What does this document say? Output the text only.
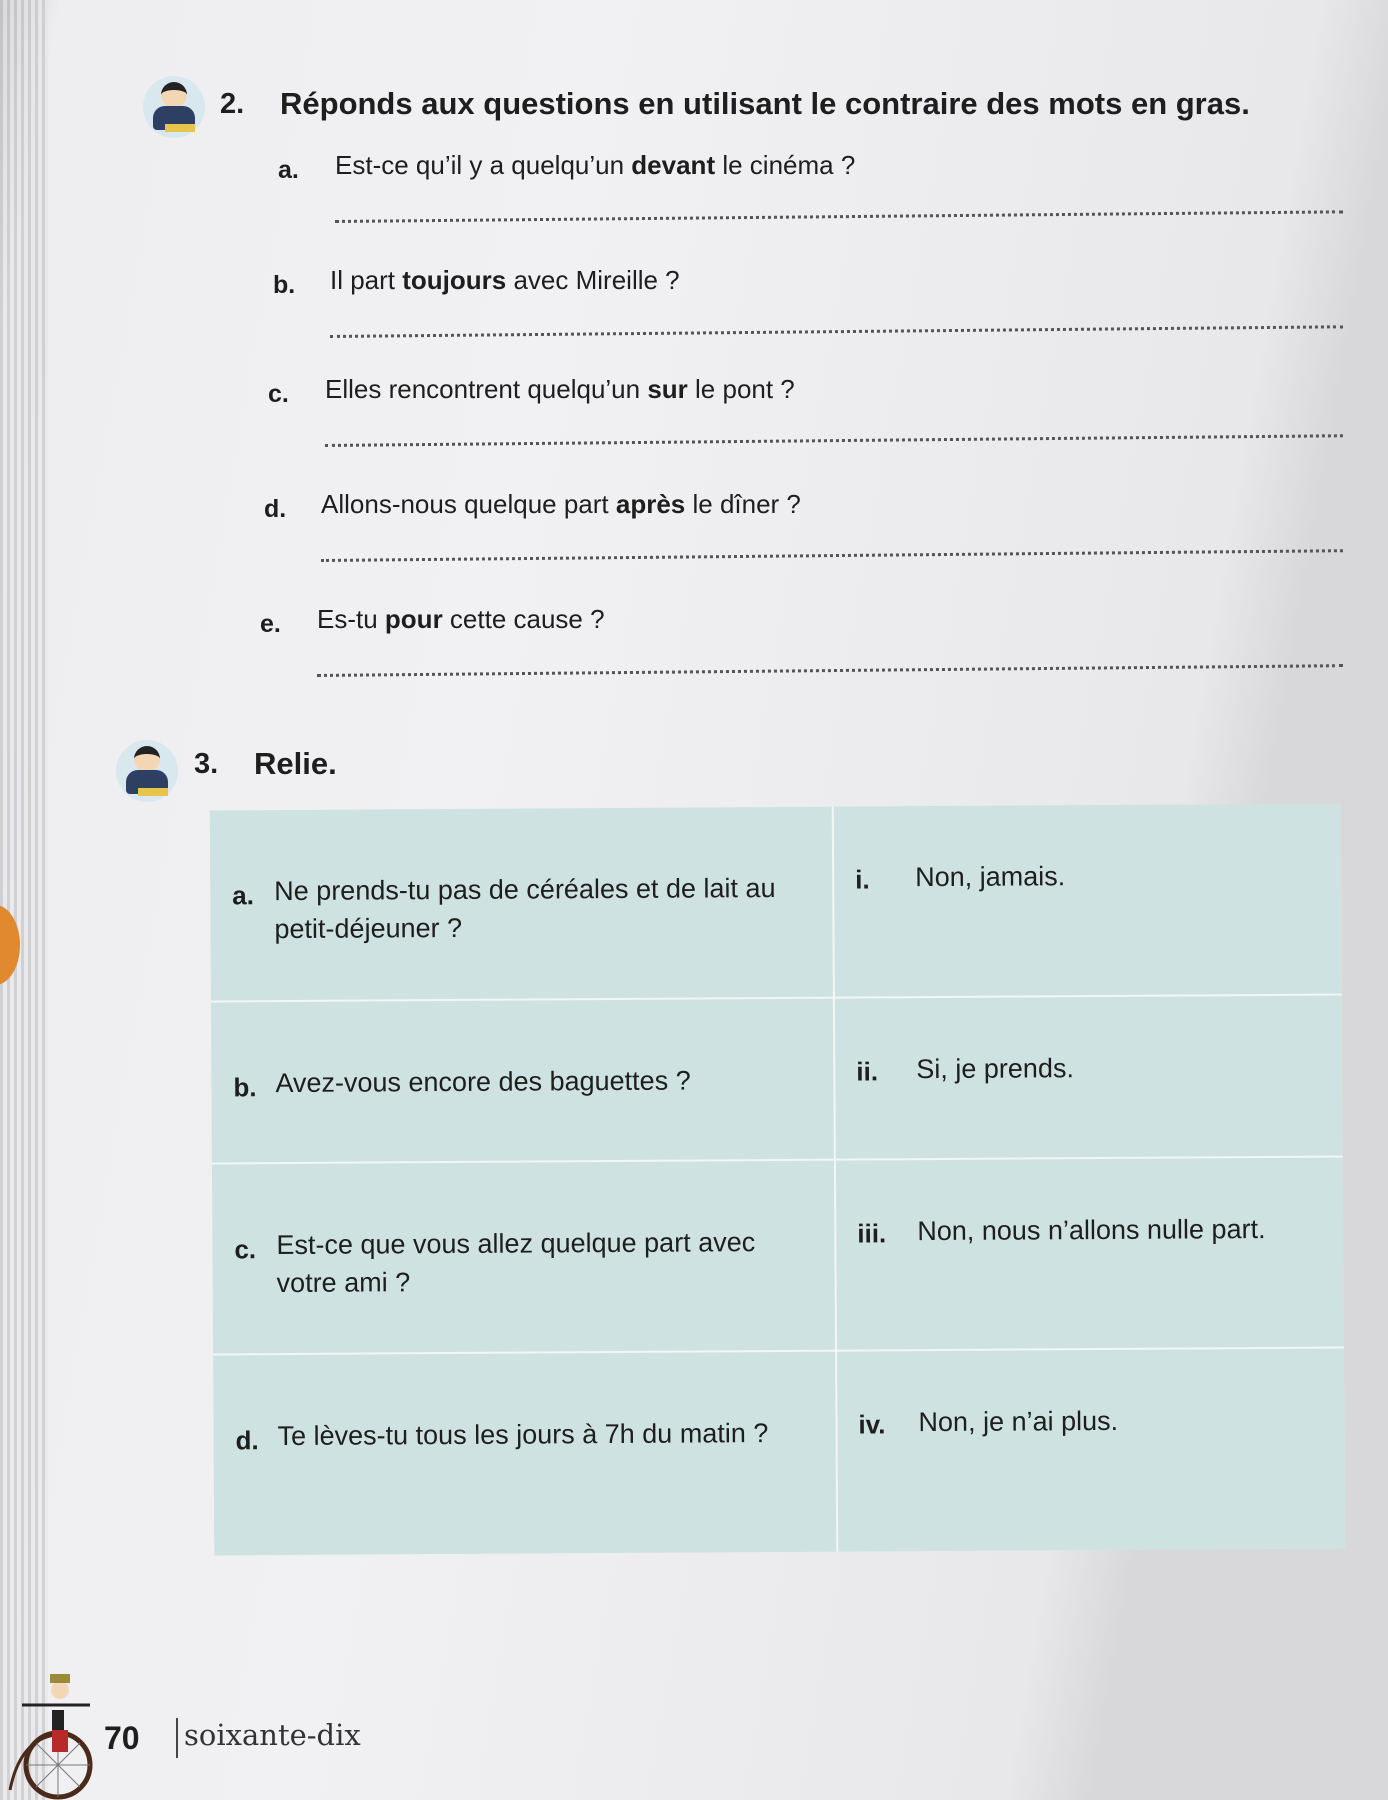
2. Réponds aux questions en utilisant le contraire des mots en gras.
a. Est-ce qu’il y a quelqu’un devant le cinéma ?
b. Il part toujours avec Mireille ?
c. Elles rencontrent quelqu’un sur le pont ?
d. Allons-nous quelque part après le dîner ?
e. Es-tu pour cette cause ?
3. Relie.
a. Ne prends-tu pas de céréales et de lait au petit-déjeuner ?
i. Non, jamais.
b. Avez-vous encore des baguettes ?	ii. Si, je prends.
c. Est-ce que vous allez quelque part avec votre ami ?
iii. Non, nous n’allons nulle part.
d. Te lèves-tu tous les jours à 7h du matin ?	iv. Non, je n’ai plus.
70 soixante-dix
